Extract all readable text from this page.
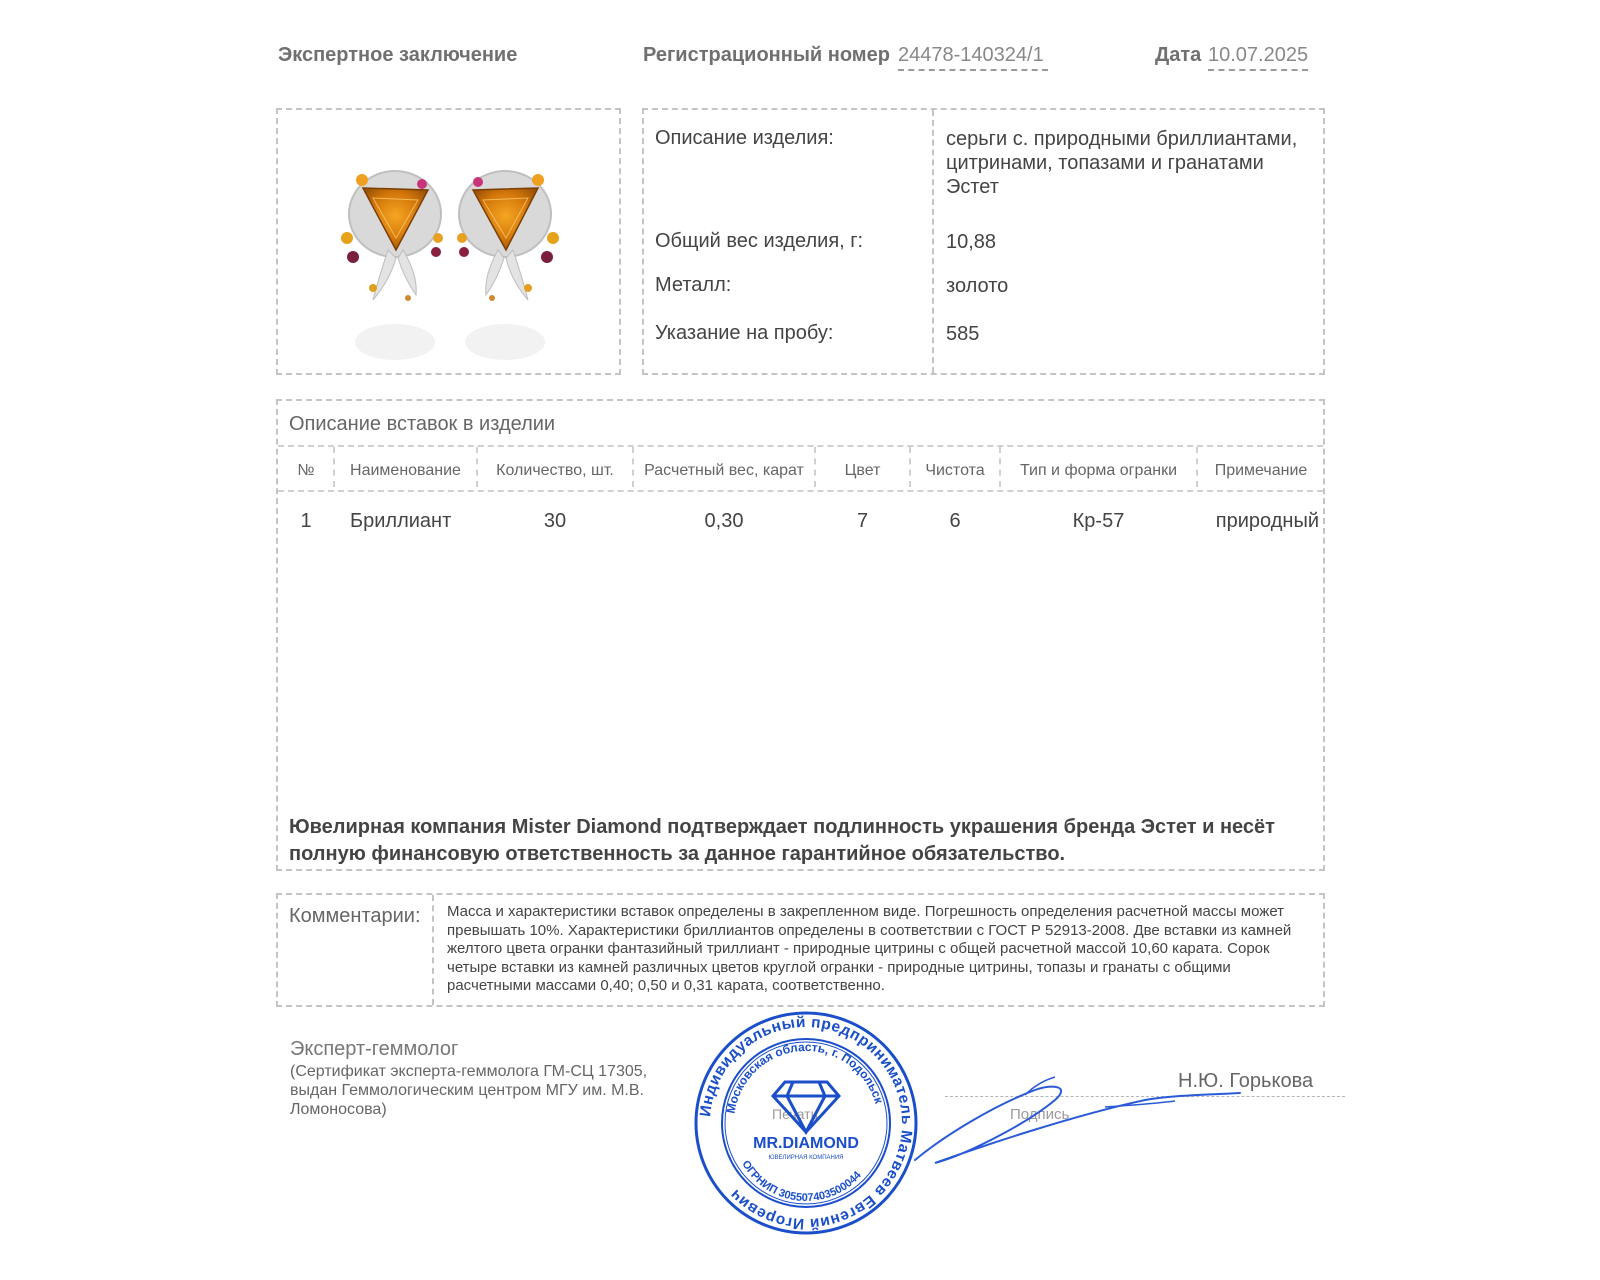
Экспертное заключение	Регистрационный номер 24478-140324/1	Дата 10.07.2025
Описание изделия:	серьги с. природными бриллиантами, цитринами, топазами и гранатами Эстет
Общий вес изделия, г:	10,88
Металл:	золото
Указание на пробу:	585
Описание вставок в изделии
№	Наименование	Количество, шт.	Расчетный вес, карат	Цвет	Чистота	Тип и форма огранки	Примечание
1	Бриллиант	30	0,30	7	6	Кр-57	природный
Ювелирная компания Mister Diamond подтверждает подлинность украшения бренда Эстет и несёт полную финансовую ответственность за данное гарантийное обязательство.
Комментарии: Масса и характеристики вставок определены в закрепленном виде. Погрешность определения расчетной массы может превышать 10%. Характеристики бриллиантов определены в соответствии с ГОСТ Р 52913-2008. Две вставки из камней желтого цвета огранки фантазийный триллиант - природные цитрины с общей расчетной массой 10,60 карата. Сорок четыре вставки из камней различных цветов круглой огранки - природные цитрины, топазы и гранаты с общими расчетными массами 0,40; 0,50 и 0,31 карата, соответственно.
Эксперт-геммолог
(Сертификат эксперта-геммолога ГМ-СЦ 17305, выдан Геммологическим центром МГУ им. М.В. Ломоносова)	Печать	Подпись
Н.Ю. Горькова
Индивидуальный предприниматель Матвеев Евгений Игоревич
Московская область, г. Подольск
MR.DIAMOND
ЮВЕЛИРНАЯ КОМПАНИЯ
ОГРНИП 305507403500044
